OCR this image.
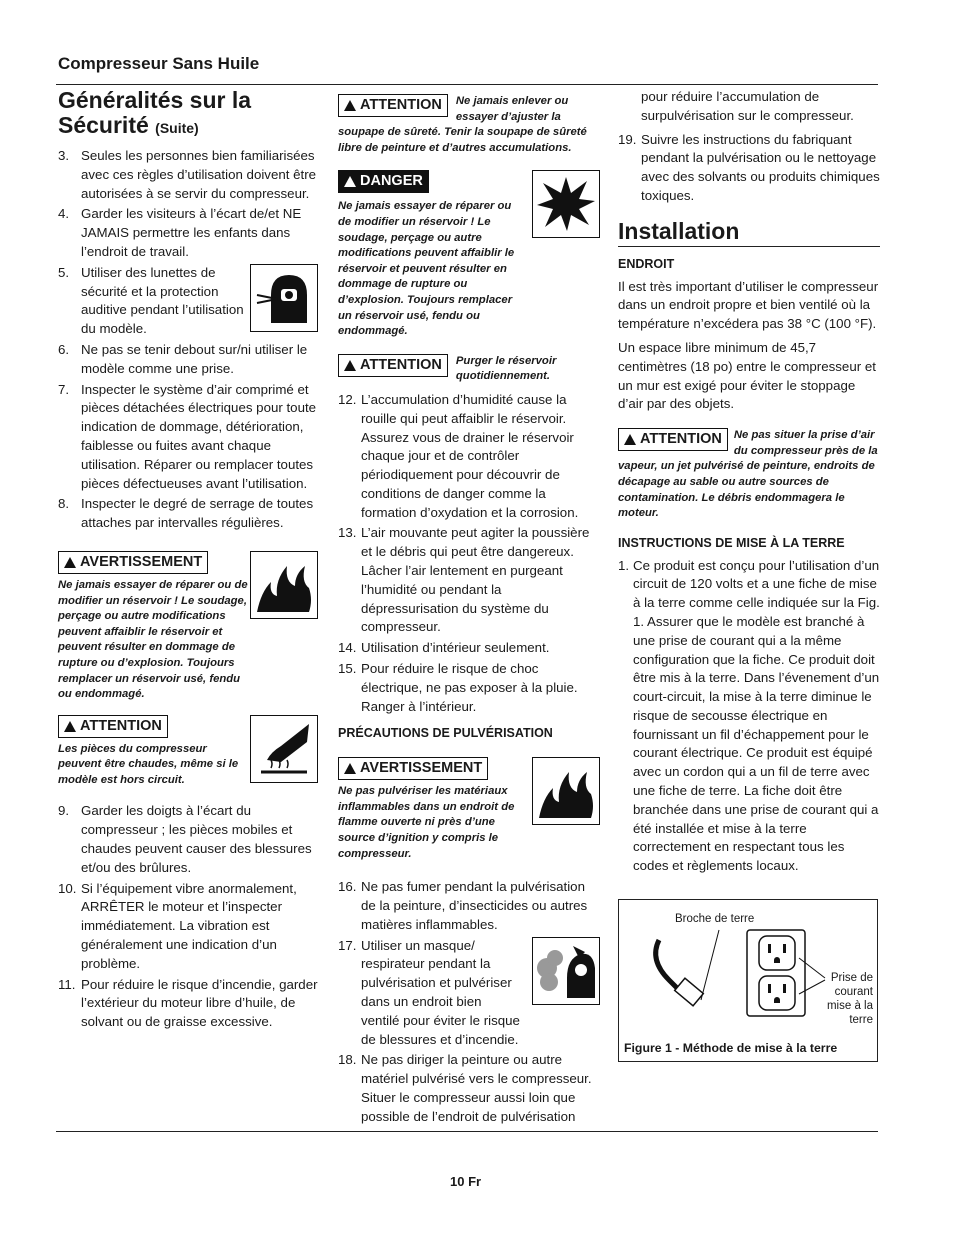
Compresseur Sans Huile
Généralités sur la Sécurité (Suite)
3. Seules les personnes bien familiarisées avec ces règles d’utilisation doivent être autorisées à se servir du compresseur.
4. Garder les visiteurs à l’écart de/et NE JAMAIS permettre les enfants dans l’endroit de travail.
5. Utiliser des lunettes de sécurité et la protection auditive pendant l’utilisation du modèle.
6. Ne pas se tenir debout sur/ni utiliser le modèle comme une prise.
7. Inspecter le système d’air comprimé et pièces détachées électriques pour toute indication de dommage, détérioration, faiblesse ou fuites avant chaque utilisation. Réparer ou remplacer toutes pièces défectueuses avant l’utilisation.
8. Inspecter le degré de serrage de toutes attaches par intervalles régulières.
AVERTISSEMENT
Ne jamais essayer de réparer ou de modifier un réservoir ! Le soudage, perçage ou autre modifications peuvent affaiblir le réservoir et peuvent résulter en dommage de rupture ou d’explosion. Toujours remplacer un réservoir usé, fendu ou endommagé.
ATTENTION
Les pièces du compresseur peuvent être chaudes, même si le modèle est hors circuit.
9. Garder les doigts à l’écart du compresseur ; les pièces mobiles et chaudes peuvent causer des blessures et/ou des brûlures.
10. Si l’équipement vibre anormalement, ARRÊTER le moteur et l’inspecter immédiatement. La vibration est généralement une indication d’un problème.
11. Pour réduire le risque d’incendie, garder l’extérieur du moteur libre d’huile, de solvant ou de graisse excessive.
ATTENTION	Ne jamais enlever ou essayer d’ajuster la soupape de sûreté. Tenir la soupape de sûreté libre de peinture et d’autres accumulations.
DANGER
Ne jamais essayer de réparer ou de modifier un réservoir ! Le soudage, perçage ou autre modifications peuvent affaiblir le réservoir et peuvent résulter en dommage de rupture ou d’explosion. Toujours remplacer un réservoir usé, fendu ou endommagé.
ATTENTION	Purger le réservoir quotidiennement.
12. L’accumulation d’humidité cause la rouille qui peut affaiblir le réservoir. Assurez vous de drainer le réservoir chaque jour et de contrôler périodiquement pour découvrir de conditions de danger comme la formation d’oxydation et la corrosion.
13. L’air mouvante peut agiter la poussière et le débris qui peut être dangereux. Lâcher l’air lentement en purgeant l’humidité ou pendant la dépressurisation du système du compresseur.
14. Utilisation d’intérieur seulement.
15. Pour réduire le risque de choc électrique, ne pas exposer à la pluie. Ranger à l’intérieur.
PRÉCAUTIONS DE PULVÉRISATION
AVERTISSEMENT
Ne pas pulvériser les matériaux inflammables dans un endroit de flamme ouverte ni près d’une source d’ignition y compris le compresseur.
16. Ne pas fumer pendant la pulvérisation de la peinture, d’insecticides ou autres matières inflammables.
17. Utiliser un masque/ respirateur pendant la pulvérisation et pulvériser dans un endroit bien ventilé pour éviter le risque de blessures et d’incendie.
18. Ne pas diriger la peinture ou autre matériel pulvérisé vers le compresseur. Situer le compresseur aussi loin que possible de l’endroit de pulvérisation

pour réduire l’accumulation de surpulvérisation sur le compresseur.

19. Suivre les instructions du fabriquant pendant la pulvérisation ou le nettoyage avec des solvants ou produits chimiques toxiques.
Installation
ENDROIT

Il est très important d’utiliser le compresseur dans un endroit propre et bien ventilé où la température n’excédera pas 38 °C (100 °F).

Un espace libre minimum de 45,7 centimètres (18 po) entre le compresseur et un mur est exigé pour éviter le stoppage d’air par des objets.

ATTENTION	Ne pas situer la prise d’air du compresseur près de la vapeur, un jet pulvérisé de peinture, endroits de décapage au sable ou autre sources de contamination. Le débris endommagera le moteur.
INSTRUCTIONS DE MISE À LA TERRE
1. Ce produit est conçu pour l’utilisation d’un circuit de 120 volts et a une fiche de mise à la terre comme celle indiquée sur la Fig. 1. Assurer que le modèle est branché à une prise de courant qui a la même configuration que la fiche. Ce produit doit être mis à la terre. Dans l’évenement d’un court-circuit, la mise à la terre diminue le risque de secousse électrique en fournissant un fil d’échappement pour le courant électrique. Ce produit est équipé avec un cordon qui a un fil de terre avec une fiche de terre. La fiche doit être branchée dans une prise de courant qui a été installée et mise à la terre correctement en respectant tous les codes et règlements locaux.
Broche de terre
Prise de courant mise à la terre
Figure 1 - Méthode de mise à la terre
10 Fr
